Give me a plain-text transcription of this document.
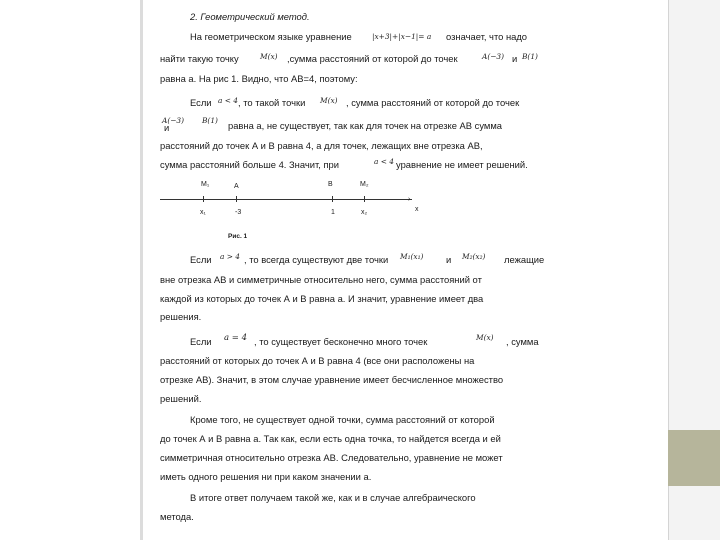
2. Геометрический метод.
На геометрическом языке уравнение	|x+3|+|x−1|= a означает, что надо
найти такую точку	M(x) ,сумма расстояний от которой до точек	A(−3) и B(1)
равна a. На рис 1. Видно, что АВ=4, поэтому:
Если a < 4 , то такой точки M(x) , сумма расстояний от которой до точек
A(−3)
и
B(1) равна a, не существует, так как для точек на отрезке АВ сумма
расстояний до точек А и В равна 4, а для точек, лежащих вне отрезка АВ,
сумма расстояний больше 4. Значит, при	a < 4 уравнение не имеет решений.
M₁	A	B	M₂
›
x₁	-3	1	x₂	x
Рис. 1
Если a > 4 , то всегда существуют две точки M₁(x₁) и M₂(x₂) лежащие
вне отрезка АВ и симметричные относительно него, сумма расстояний от
каждой из которых до точек А и В равна a. И значит, уравнение имеет два
решения.
Если a = 4 , то существует бесконечно много точек	M(x) , сумма
расстояний от которых до точек А и В равна 4 (все они расположены на
отрезке АВ). Значит, в этом случае уравнение имеет бесчисленное множество
решений.
Кроме того, не существует одной точки, сумма расстояний от которой
до точек А и В равна a. Так как, если есть одна точка, то найдется всегда и ей
симметричная относительно отрезка АВ. Следовательно, уравнение не может
иметь одного решения ни при каком значении a.
В итоге ответ получаем такой же, как и в случае алгебраического
метода.
